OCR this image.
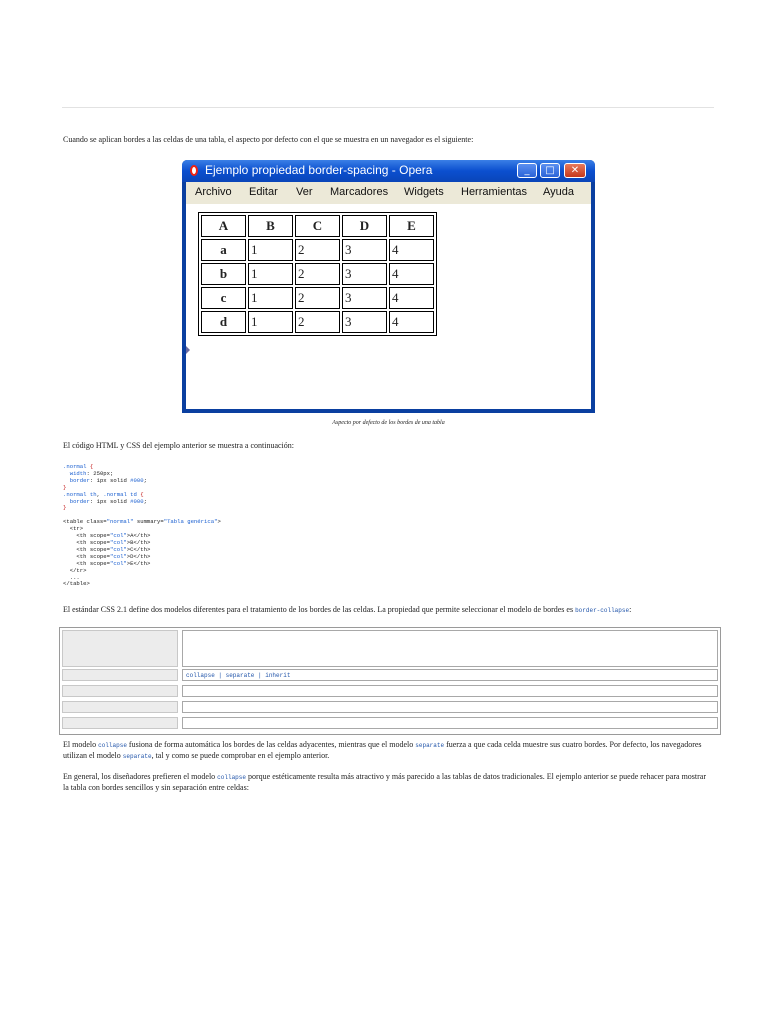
Cuando se aplican bordes a las celdas de una tabla, el aspecto por defecto con el que se muestra en un navegador es el siguiente:
Ejemplo propiedad border-spacing - Opera	_	□	✕
Archivo Editar Ver Marcadores Widgets Herramientas Ayuda
A	B	C	D	E
a	1	2	3	4
b	1	2	3	4
c	1	2	3	4
d	1	2	3	4
Aspecto por defecto de los bordes de una tabla
El código HTML y CSS del ejemplo anterior se muestra a continuación:
.normal {
width: 250px;
border: 1px solid #000;
}
.normal th, .normal td {
border: 1px solid #000;
}

<table class="normal" summary="Tabla genérica">
<tr>
<th scope="col">A</th>
<th scope="col">B</th>
<th scope="col">C</th>
<th scope="col">D</th>
<th scope="col">E</th>
</tr>
...
</table>
El estándar CSS 2.1 define dos modelos diferentes para el tratamiento de los bordes de las celdas. La propiedad que permite seleccionar el modelo de bordes es border-collapse:
collapse | separate | inherit
El modelo collapse fusiona de forma automática los bordes de las celdas adyacentes, mientras que el modelo separate fuerza a que cada celda muestre sus cuatro bordes. Por defecto, los navegadores utilizan el modelo separate, tal y como se puede comprobar en el ejemplo anterior.
En general, los diseñadores prefieren el modelo collapse porque estéticamente resulta más atractivo y más parecido a las tablas de datos tradicionales. El ejemplo anterior se puede rehacer para mostrar la tabla con bordes sencillos y sin separación entre celdas:
